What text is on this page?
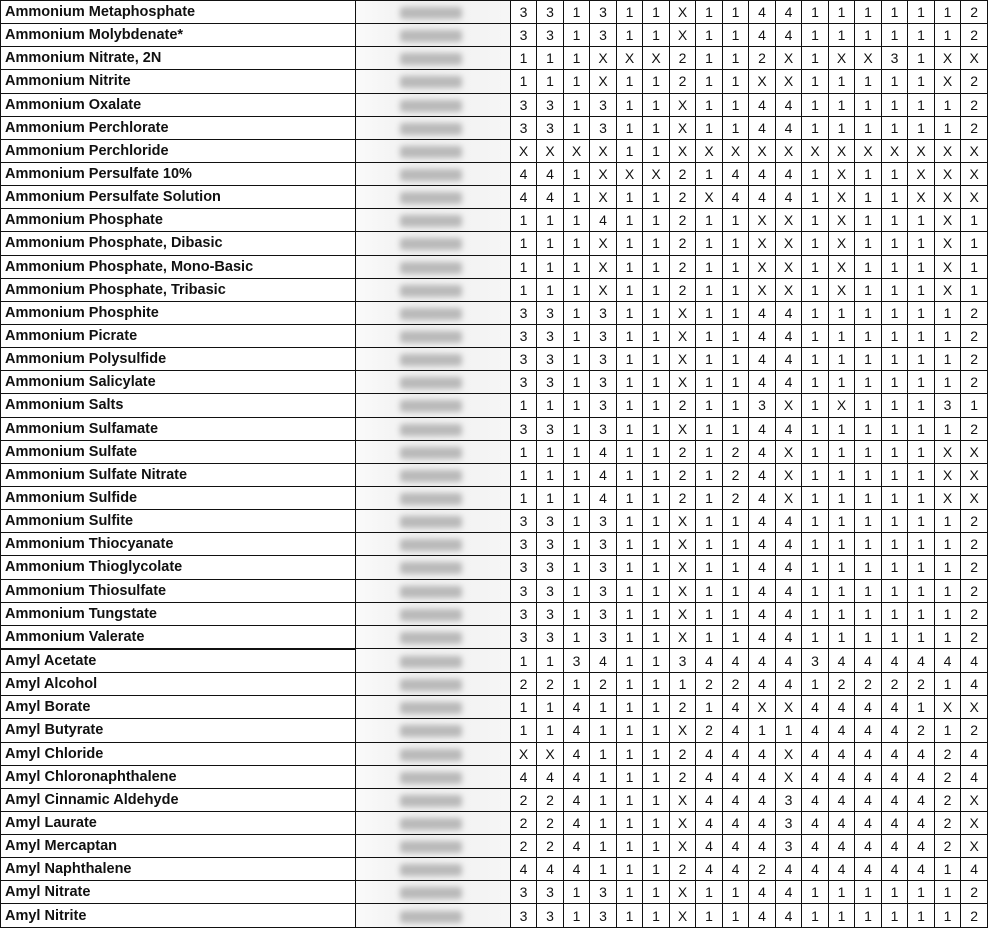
Ammonium Metaphosphate		3	3	1	3	1	1	X	1	1	4	4	1	1	1	1	1	1	2
Ammonium Molybdenate*		3	3	1	3	1	1	X	1	1	4	4	1	1	1	1	1	1	2
Ammonium Nitrate, 2N		1	1	1	X	X	X	2	1	1	2	X	1	X	X	3	1	X	X
Ammonium Nitrite		1	1	1	X	1	1	2	1	1	X	X	1	1	1	1	1	X	2
Ammonium Oxalate		3	3	1	3	1	1	X	1	1	4	4	1	1	1	1	1	1	2
Ammonium Perchlorate		3	3	1	3	1	1	X	1	1	4	4	1	1	1	1	1	1	2
Ammonium Perchloride		X	X	X	X	1	1	X	X	X	X	X	X	X	X	X	X	X	X
Ammonium Persulfate 10%		4	4	1	X	X	X	2	1	4	4	4	1	X	1	1	X	X	X
Ammonium Persulfate Solution		4	4	1	X	1	1	2	X	4	4	4	1	X	1	1	X	X	X
Ammonium Phosphate		1	1	1	4	1	1	2	1	1	X	X	1	X	1	1	1	X	1
Ammonium Phosphate, Dibasic		1	1	1	X	1	1	2	1	1	X	X	1	X	1	1	1	X	1
Ammonium Phosphate, Mono-Basic		1	1	1	X	1	1	2	1	1	X	X	1	X	1	1	1	X	1
Ammonium Phosphate, Tribasic		1	1	1	X	1	1	2	1	1	X	X	1	X	1	1	1	X	1
Ammonium Phosphite		3	3	1	3	1	1	X	1	1	4	4	1	1	1	1	1	1	2
Ammonium Picrate		3	3	1	3	1	1	X	1	1	4	4	1	1	1	1	1	1	2
Ammonium Polysulfide		3	3	1	3	1	1	X	1	1	4	4	1	1	1	1	1	1	2
Ammonium Salicylate		3	3	1	3	1	1	X	1	1	4	4	1	1	1	1	1	1	2
Ammonium Salts		1	1	1	3	1	1	2	1	1	3	X	1	X	1	1	1	3	1
Ammonium Sulfamate		3	3	1	3	1	1	X	1	1	4	4	1	1	1	1	1	1	2
Ammonium Sulfate		1	1	1	4	1	1	2	1	2	4	X	1	1	1	1	1	X	X
Ammonium Sulfate Nitrate		1	1	1	4	1	1	2	1	2	4	X	1	1	1	1	1	X	X
Ammonium Sulfide		1	1	1	4	1	1	2	1	2	4	X	1	1	1	1	1	X	X
Ammonium Sulfite		3	3	1	3	1	1	X	1	1	4	4	1	1	1	1	1	1	2
Ammonium Thiocyanate		3	3	1	3	1	1	X	1	1	4	4	1	1	1	1	1	1	2
Ammonium Thioglycolate		3	3	1	3	1	1	X	1	1	4	4	1	1	1	1	1	1	2
Ammonium Thiosulfate		3	3	1	3	1	1	X	1	1	4	4	1	1	1	1	1	1	2
Ammonium Tungstate		3	3	1	3	1	1	X	1	1	4	4	1	1	1	1	1	1	2
Ammonium Valerate		3	3	1	3	1	1	X	1	1	4	4	1	1	1	1	1	1	2
Amyl Acetate		1	1	3	4	1	1	3	4	4	4	4	3	4	4	4	4	4	4
Amyl Alcohol		2	2	1	2	1	1	1	2	2	4	4	1	2	2	2	2	1	4
Amyl Borate		1	1	4	1	1	1	2	1	4	X	X	4	4	4	4	1	X	X
Amyl Butyrate		1	1	4	1	1	1	X	2	4	1	1	4	4	4	4	2	1	2
Amyl Chloride		X	X	4	1	1	1	2	4	4	4	X	4	4	4	4	4	2	4
Amyl Chloronaphthalene		4	4	4	1	1	1	2	4	4	4	X	4	4	4	4	4	2	4
Amyl Cinnamic Aldehyde		2	2	4	1	1	1	X	4	4	4	3	4	4	4	4	4	2	X
Amyl Laurate		2	2	4	1	1	1	X	4	4	4	3	4	4	4	4	4	2	X
Amyl Mercaptan		2	2	4	1	1	1	X	4	4	4	3	4	4	4	4	4	2	X
Amyl Naphthalene		4	4	4	1	1	1	2	4	4	2	4	4	4	4	4	4	1	4
Amyl Nitrate		3	3	1	3	1	1	X	1	1	4	4	1	1	1	1	1	1	2
Amyl Nitrite		3	3	1	3	1	1	X	1	1	4	4	1	1	1	1	1	1	2
